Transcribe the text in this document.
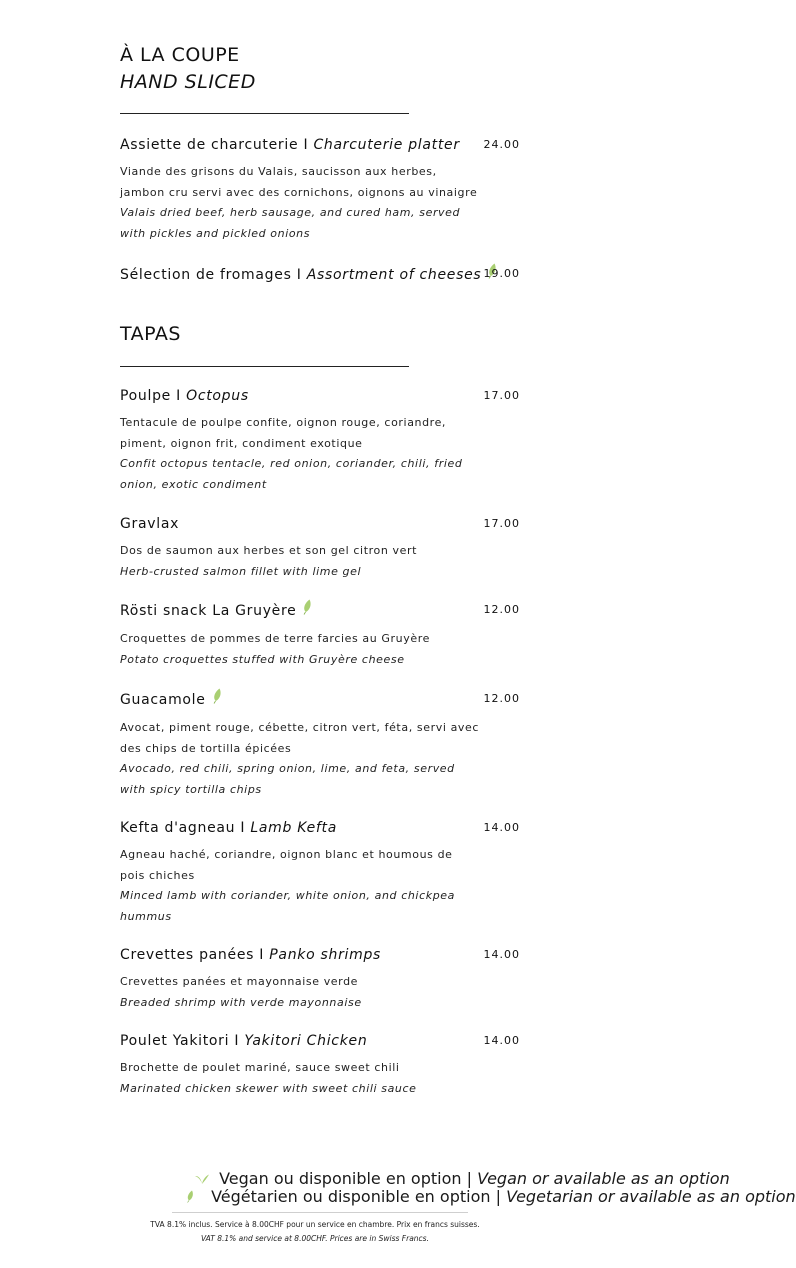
À LA COUPE
HAND SLICED
Assiette de charcuterie I Charcuterie platter	24.00
Viande des grisons du Valais, saucisson aux herbes, jambon cru servi avec des cornichons, oignons au vinaigre
Valais dried beef, herb sausage, and cured ham, served with pickles and pickled onions
Sélection de fromages I Assortment of cheeses 19.00
TAPAS
Poulpe I Octopus	17.00
Tentacule de poulpe confite, oignon rouge, coriandre, piment, oignon frit, condiment exotique
Confit octopus tentacle, red onion, coriander, chili, fried onion, exotic condiment
Gravlax	17.00
Dos de saumon aux herbes et son gel citron vert
Herb-crusted salmon fillet with lime gel
Rösti snack La Gruyère	12.00
Croquettes de pommes de terre farcies au Gruyère
Potato croquettes stuffed with Gruyère cheese
Guacamole	12.00
Avocat, piment rouge, cébette, citron vert, féta, servi avec des chips de tortilla épicées
Avocado, red chili, spring onion, lime, and feta, served with spicy tortilla chips
Kefta d'agneau I Lamb Kefta	14.00
Agneau haché, coriandre, oignon blanc et houmous de pois chiches
Minced lamb with coriander, white onion, and chickpea hummus
Crevettes panées I Panko shrimps	14.00
Crevettes panées et mayonnaise verde
Breaded shrimp with verde mayonnaise
Poulet Yakitori I Yakitori Chicken	14.00
Brochette de poulet mariné, sauce sweet chili
Marinated chicken skewer with sweet chili sauce
Vegan ou disponible en option | Vegan or available as an option
Végétarien ou disponible en option | Vegetarian or available as an option
TVA 8.1% inclus. Service à 8.00CHF pour un service en chambre. Prix en francs suisses.
VAT 8.1% and service at 8.00CHF. Prices are in Swiss Francs.
